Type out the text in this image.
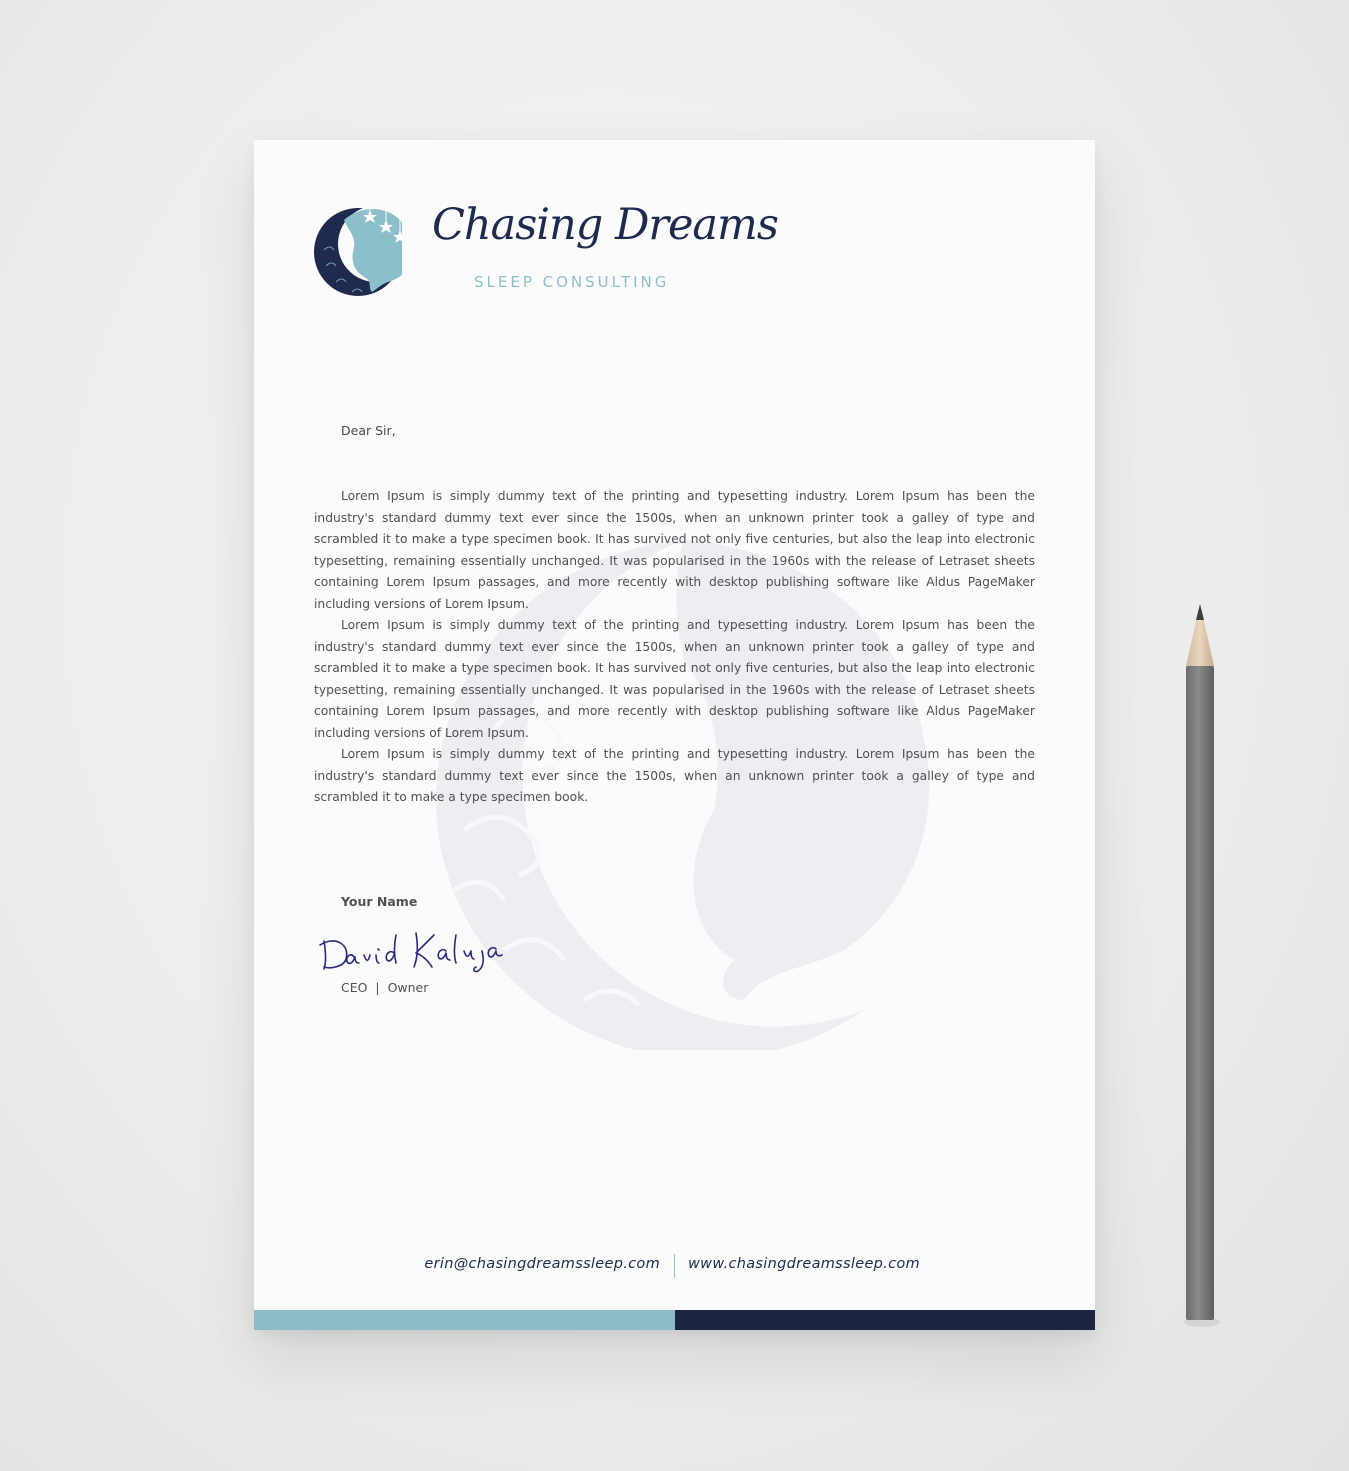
Chasing Dreams
SLEEP CONSULTING
Dear Sir,

Lorem Ipsum is simply dummy text of the printing and typesetting industry. Lorem Ipsum has been the industry's standard dummy text ever since the 1500s, when an unknown printer took a galley of type and scrambled it to make a type specimen book. It has survived not only five centuries, but also the leap into electronic typesetting, remaining essentially unchanged. It was popularised in the 1960s with the release of Letraset sheets containing Lorem Ipsum passages, and more recently with desktop publishing software like Aldus PageMaker including versions of Lorem Ipsum.

Lorem Ipsum is simply dummy text of the printing and typesetting industry. Lorem Ipsum has been the industry's standard dummy text ever since the 1500s, when an unknown printer took a galley of type and scrambled it to make a type specimen book. It has survived not only five centuries, but also the leap into electronic typesetting, remaining essentially unchanged. It was popularised in the 1960s with the release of Letraset sheets containing Lorem Ipsum passages, and more recently with desktop publishing software like Aldus PageMaker including versions of Lorem Ipsum.

Lorem Ipsum is simply dummy text of the printing and typesetting industry. Lorem Ipsum has been the industry's standard dummy text ever since the 1500s, when an unknown printer took a galley of type and scrambled it to make a type specimen book.

Your Name
CEO  |  Owner
erin@chasingdreamssleep.com www.chasingdreamssleep.com
